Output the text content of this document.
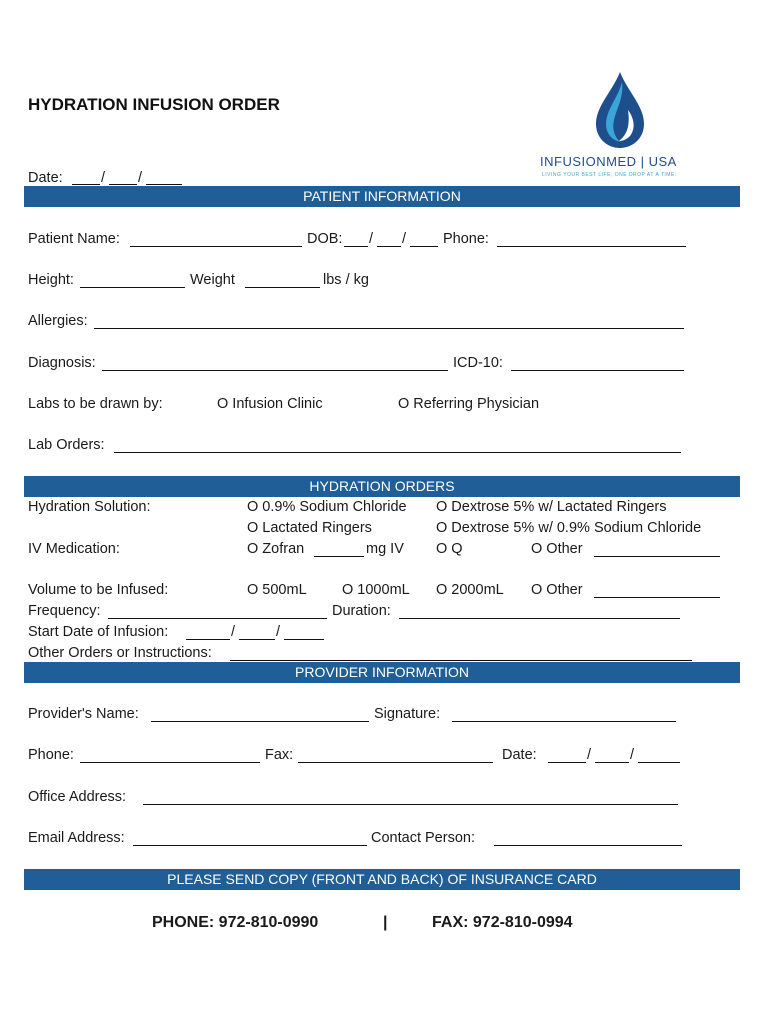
HYDRATION INFUSION ORDER
INFUSIONMED | USA
LIVING YOUR BEST LIFE, ONE DROP AT A TIME.
Date:	/ /
PATIENT INFORMATION
Patient Name:	DOB: / /	Phone:
Height:	Weight	lbs / kg
Allergies:
Diagnosis:	ICD-10:
Labs to be drawn by:	O Infusion Clinic	O Referring Physician
Lab Orders:
HYDRATION ORDERS
Hydration Solution:	O 0.9% Sodium Chloride O Dextrose 5% w/ Lactated Ringers
O Lactated Ringers	O Dextrose 5% w/ 0.9% Sodium Chloride
IV Medication:	O Zofran	mg IV O Q	O Other
Volume to be Infused:	O 500mL O 1000mL O 2000mL O Other
Frequency:	Duration:
Start Date of Infusion:	/	/
Other Orders or Instructions:
PROVIDER INFORMATION
Provider's Name:	Signature:
Phone:	Fax:	Date:	/	/
Office Address:
Email Address:	Contact Person:
PLEASE SEND COPY (FRONT AND BACK) OF INSURANCE CARD
PHONE: 972-810-0990	|	FAX: 972-810-0994
